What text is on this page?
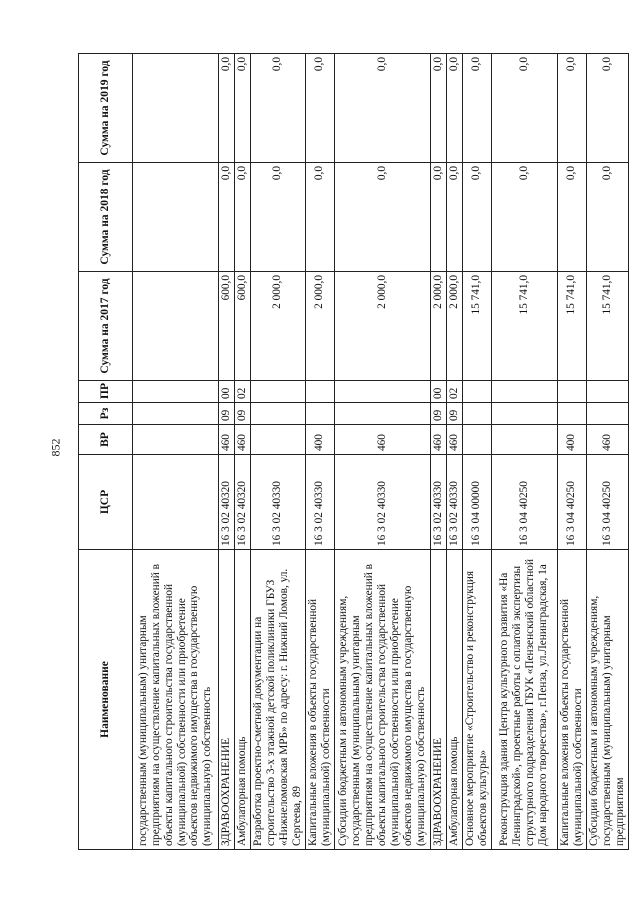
852
Наименование	ЦСР	ВР	Рз	ПР	Сумма на 2017 год	Сумма на 2018 год	Сумма на 2019 год
государственным (муниципальным) унитарным предприятиям на осуществление капитальных вложений в объекты капитального строительства государственной (муниципальной) собственности или приобретение объектов недвижимого имущества в государственную (муниципальную) собственность							
ЗДРАВООХРАНЕНИЕ	16 3 02 40320	460	09	00	600,0	0,0	0,0
Амбулаторная помощь	16 3 02 40320	460	09	02	600,0	0,0	0,0
Разработка проектно-сметной документации на строительство 3-х этажной детской поликлиники ГБУЗ «Нижнеломовская МРБ» по адресу: г. Нижний Ломов, ул. Сергеева, 89	16 3 02 40330				2 000,0	0,0	0,0
Капитальные вложения в объекты государственной (муниципальной) собственности	16 3 02 40330	400			2 000,0	0,0	0,0
Субсидии бюджетным и автономным учреждениям, государственным (муниципальным) унитарным предприятиям на осуществление капитальных вложений в объекты капитального строительства государственной (муниципальной) собственности или приобретение объектов недвижимого имущества в государственную (муниципальную) собственность	16 3 02 40330	460			2 000,0	0,0	0,0
ЗДРАВООХРАНЕНИЕ	16 3 02 40330	460	09	00	2 000,0	0,0	0,0
Амбулаторная помощь	16 3 02 40330	460	09	02	2 000,0	0,0	0,0
Основное мероприятие «Строительство и реконструкция объектов культуры»	16 3 04 00000				15 741,0	0,0	0,0
Реконструкция здания Центра культурного развития «На Ленинградской», проектные работы с оплатой экспертизы структурного подразделения ГБУК «Пензенский областной Дом народного творчества», г.Пенза, ул.Ленинградская, 1а	16 3 04 40250				15 741,0	0,0	0,0
Капитальные вложения в объекты государственной (муниципальной) собственности	16 3 04 40250	400			15 741,0	0,0	0,0
Субсидии бюджетным и автономным учреждениям, государственным (муниципальным) унитарным предприятиям	16 3 04 40250	460			15 741,0	0,0	0,0
